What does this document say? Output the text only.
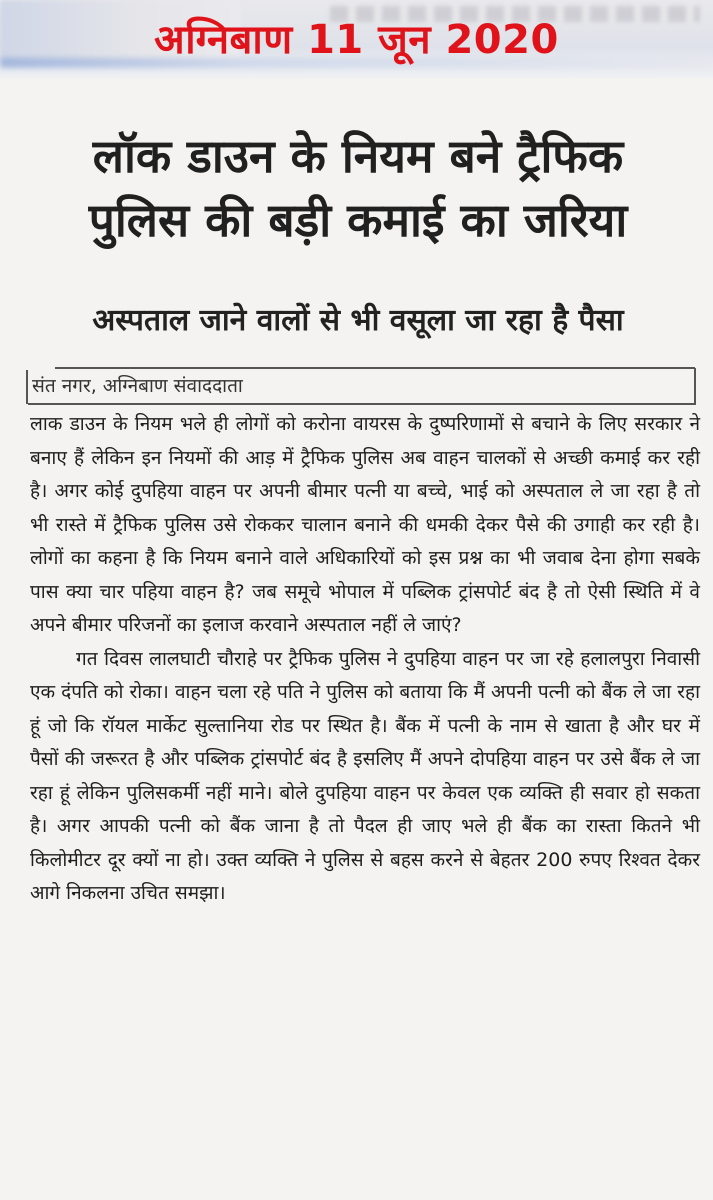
अग्निबाण 11 जून 2020
लॉक डाउन के नियम बने ट्रैफिक
पुलिस की बड़ी कमाई का जरिया
अस्पताल जाने वालों से भी वसूला जा रहा है पैसा
संत नगर, अग्निबाण संवाददाता

लाक डाउन के नियम भले ही लोगों को करोना वायरस के दुष्परिणामों से बचाने के लिए सरकार ने बनाए हैं लेकिन इन नियमों की आड़ में ट्रैफिक पुलिस अब वाहन चालकों से अच्छी कमाई कर रही है। अगर कोई दुपहिया वाहन पर अपनी बीमार पत्नी या बच्चे, भाई को अस्पताल ले जा रहा है तो भी रास्ते में ट्रैफिक पुलिस उसे रोककर चालान बनाने की धमकी देकर पैसे की उगाही कर रही है। लोगों का कहना है कि नियम बनाने वाले अधिकारियों को इस प्रश्न का भी जवाब देना होगा सबके पास क्या चार पहिया वाहन है? जब समूचे भोपाल में पब्लिक ट्रांसपोर्ट बंद है तो ऐसी स्थिति में वे अपने बीमार परिजनों का इलाज करवाने अस्पताल नहीं ले जाएं?

गत दिवस लालघाटी चौराहे पर ट्रैफिक पुलिस ने दुपहिया वाहन पर जा रहे हलालपुरा निवासी एक दंपति को रोका। वाहन चला रहे पति ने पुलिस को बताया कि मैं अपनी पत्नी को बैंक ले जा रहा हूं जो कि रॉयल मार्केट सुल्तानिया रोड पर स्थित है। बैंक में पत्नी के नाम से खाता है और घर में पैसों की जरूरत है और पब्लिक ट्रांसपोर्ट बंद है इसलिए मैं अपने दोपहिया वाहन पर उसे बैंक ले जा रहा हूं लेकिन पुलिसकर्मी नहीं माने। बोले दुपहिया वाहन पर केवल एक व्यक्ति ही सवार हो सकता है। अगर आपकी पत्नी को बैंक जाना है तो पैदल ही जाए भले ही बैंक का रास्ता कितने भी किलोमीटर दूर क्यों ना हो। उक्त व्यक्ति ने पुलिस से बहस करने से बेहतर 200 रुपए रिश्वत देकर आगे निकलना उचित समझा।
